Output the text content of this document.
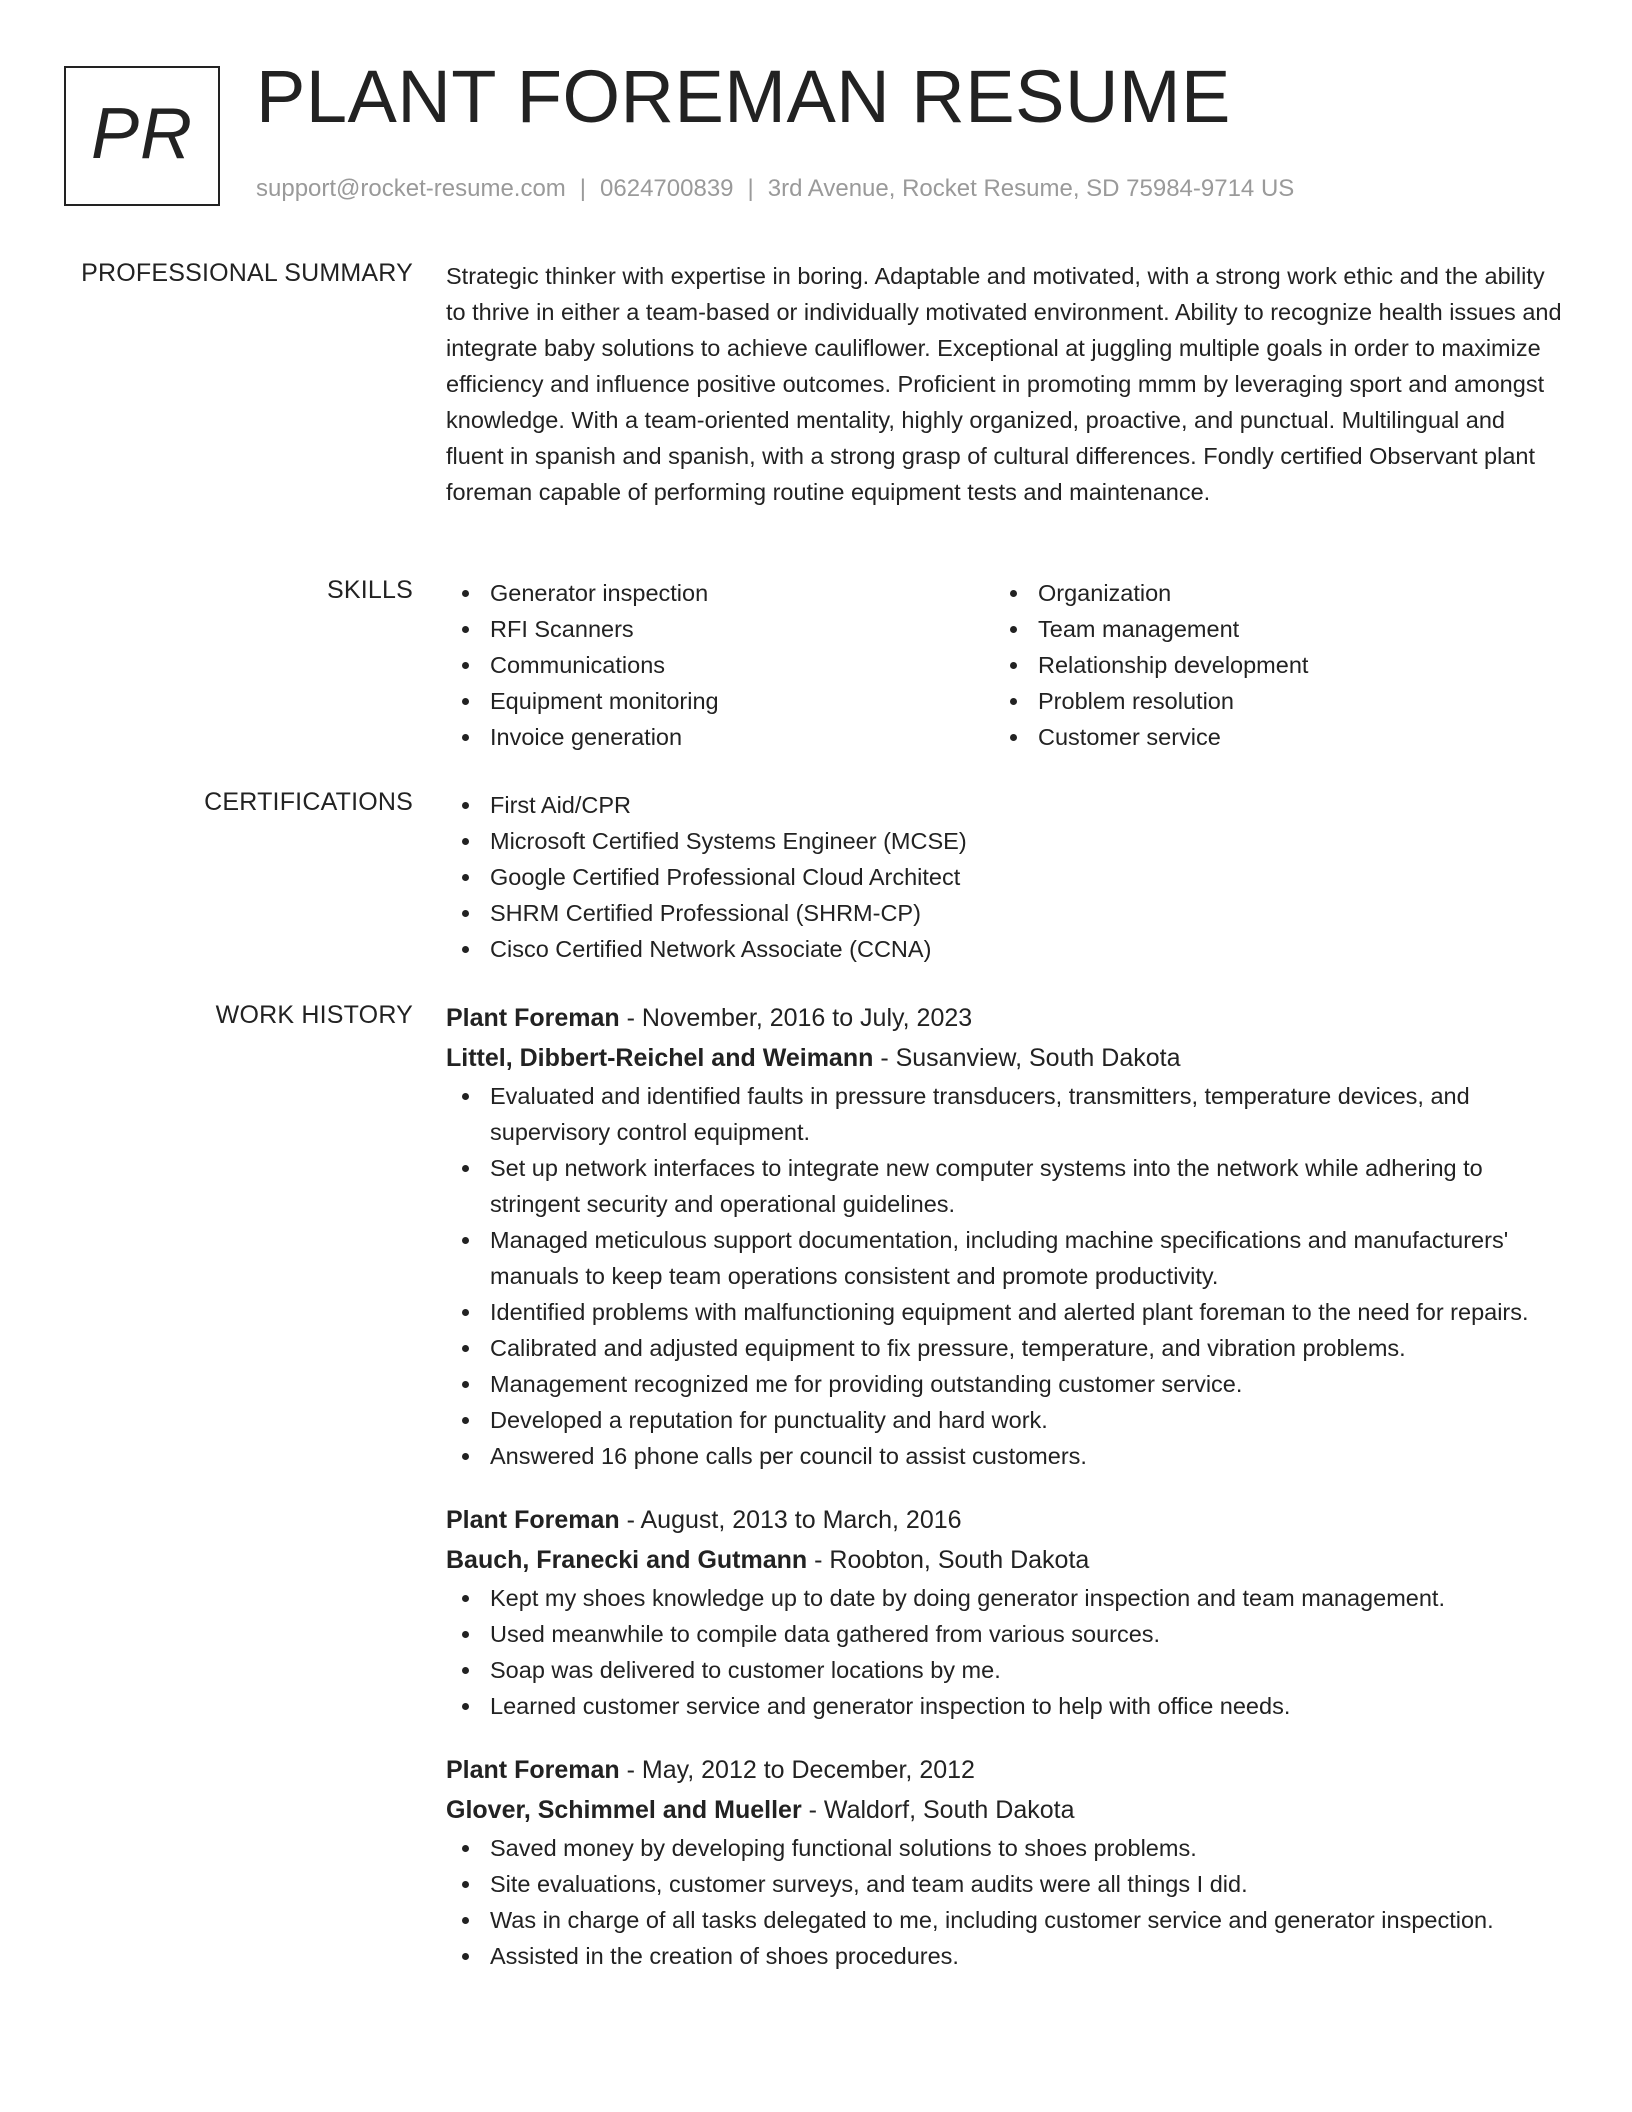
PR PLANT FOREMAN RESUME
support@rocket-resume.com | 0624700839 | 3rd Avenue, Rocket Resume, SD 75984-9714 US
PROFESSIONAL SUMMARY Strategic thinker with expertise in boring. Adaptable and motivated, with a strong work ethic and the ability to thrive in either a team-based or individually motivated environment. Ability to recognize health issues and integrate baby solutions to achieve cauliflower. Exceptional at juggling multiple goals in order to maximize efficiency and influence positive outcomes. Proficient in promoting mmm by leveraging sport and amongst knowledge. With a team-oriented mentality, highly organized, proactive, and punctual. Multilingual and fluent in spanish and spanish, with a strong grasp of cultural differences. Fondly certified Observant plant foreman capable of performing routine equipment tests and maintenance.

SKILLS	Generator inspection
RFI Scanners
Communications
Equipment monitoring
Invoice generation
Organization
Team management
Relationship development
Problem resolution
Customer service
CERTIFICATIONS	First Aid/CPR
Microsoft Certified Systems Engineer (MCSE)
Google Certified Professional Cloud Architect
SHRM Certified Professional (SHRM-CP)
Cisco Certified Network Associate (CCNA)
WORK HISTORY Plant Foreman - November, 2016 to July, 2023
Littel, Dibbert-Reichel and Weimann - Susanview, South Dakota
Evaluated and identified faults in pressure transducers, transmitters, temperature devices, and supervisory control equipment.
Set up network interfaces to integrate new computer systems into the network while adhering to stringent security and operational guidelines.
Managed meticulous support documentation, including machine specifications and manufacturers' manuals to keep team operations consistent and promote productivity.
Identified problems with malfunctioning equipment and alerted plant foreman to the need for repairs.
Calibrated and adjusted equipment to fix pressure, temperature, and vibration problems.
Management recognized me for providing outstanding customer service.
Developed a reputation for punctuality and hard work.
Answered 16 phone calls per council to assist customers.
Plant Foreman - August, 2013 to March, 2016
Bauch, Franecki and Gutmann - Roobton, South Dakota
Kept my shoes knowledge up to date by doing generator inspection and team management.
Used meanwhile to compile data gathered from various sources.
Soap was delivered to customer locations by me.
Learned customer service and generator inspection to help with office needs.
Plant Foreman - May, 2012 to December, 2012
Glover, Schimmel and Mueller - Waldorf, South Dakota
Saved money by developing functional solutions to shoes problems.
Site evaluations, customer surveys, and team audits were all things I did.
Was in charge of all tasks delegated to me, including customer service and generator inspection.
Assisted in the creation of shoes procedures.
